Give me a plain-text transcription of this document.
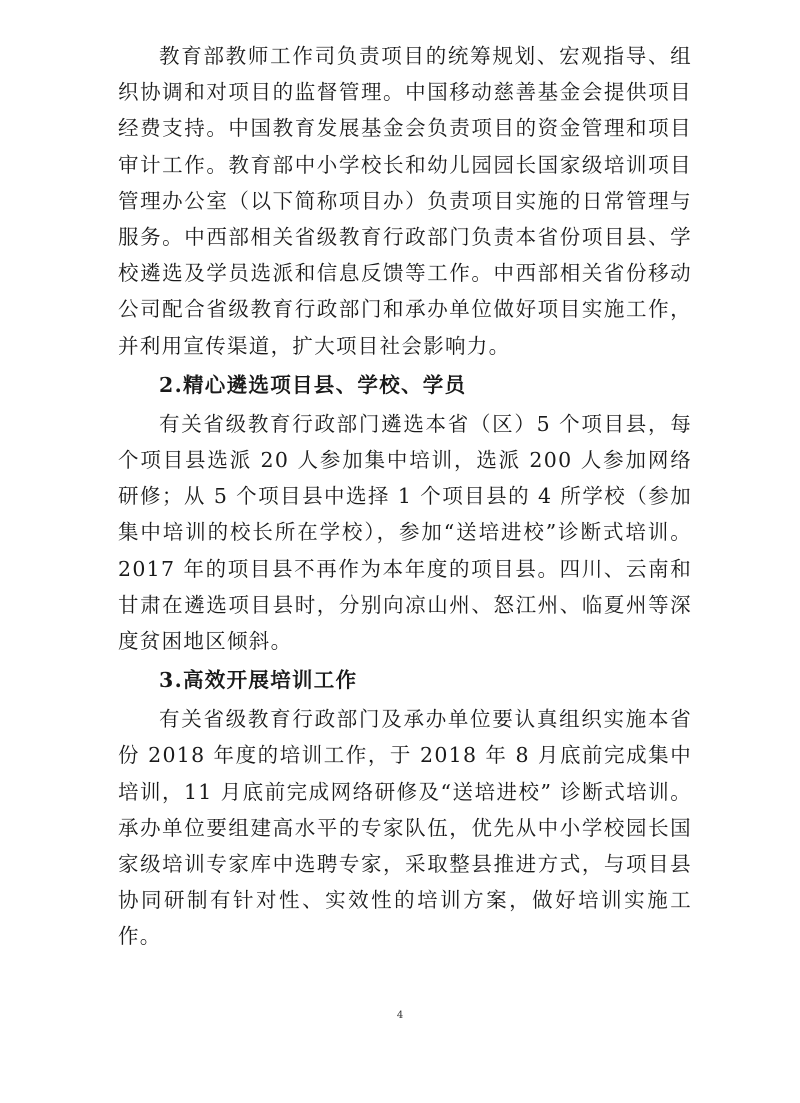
教育部教师工作司负责项目的统筹规划、宏观指导、组织协调和对项目的监督管理。中国移动慈善基金会提供项目经费支持。中国教育发展基金会负责项目的资金管理和项目审计工作。教育部中小学校长和幼儿园园长国家级培训项目管理办公室（以下简称项目办）负责项目实施的日常管理与服务。中西部相关省级教育行政部门负责本省份项目县、学校遴选及学员选派和信息反馈等工作。中西部相关省份移动公司配合省级教育行政部门和承办单位做好项目实施工作，并利用宣传渠道，扩大项目社会影响力。

2.精心遴选项目县、学校、学员

有关省级教育行政部门遴选本省（区）5 个项目县，每个项目县选派 20 人参加集中培训，选派 200 人参加网络研修；从 5 个项目县中选择 1 个项目县的 4 所学校（参加集中培训的校长所在学校），参加“送培进校”诊断式培训。2017 年的项目县不再作为本年度的项目县。四川、云南和甘肃在遴选项目县时，分别向凉山州、怒江州、临夏州等深度贫困地区倾斜。

3.高效开展培训工作

有关省级教育行政部门及承办单位要认真组织实施本省份 2018 年度的培训工作，于 2018 年 8 月底前完成集中培训，11 月底前完成网络研修及“送培进校” 诊断式培训。承办单位要组建高水平的专家队伍，优先从中小学校园长国家级培训专家库中选聘专家，采取整县推进方式，与项目县协同研制有针对性、实效性的培训方案，做好培训实施工作。

4
